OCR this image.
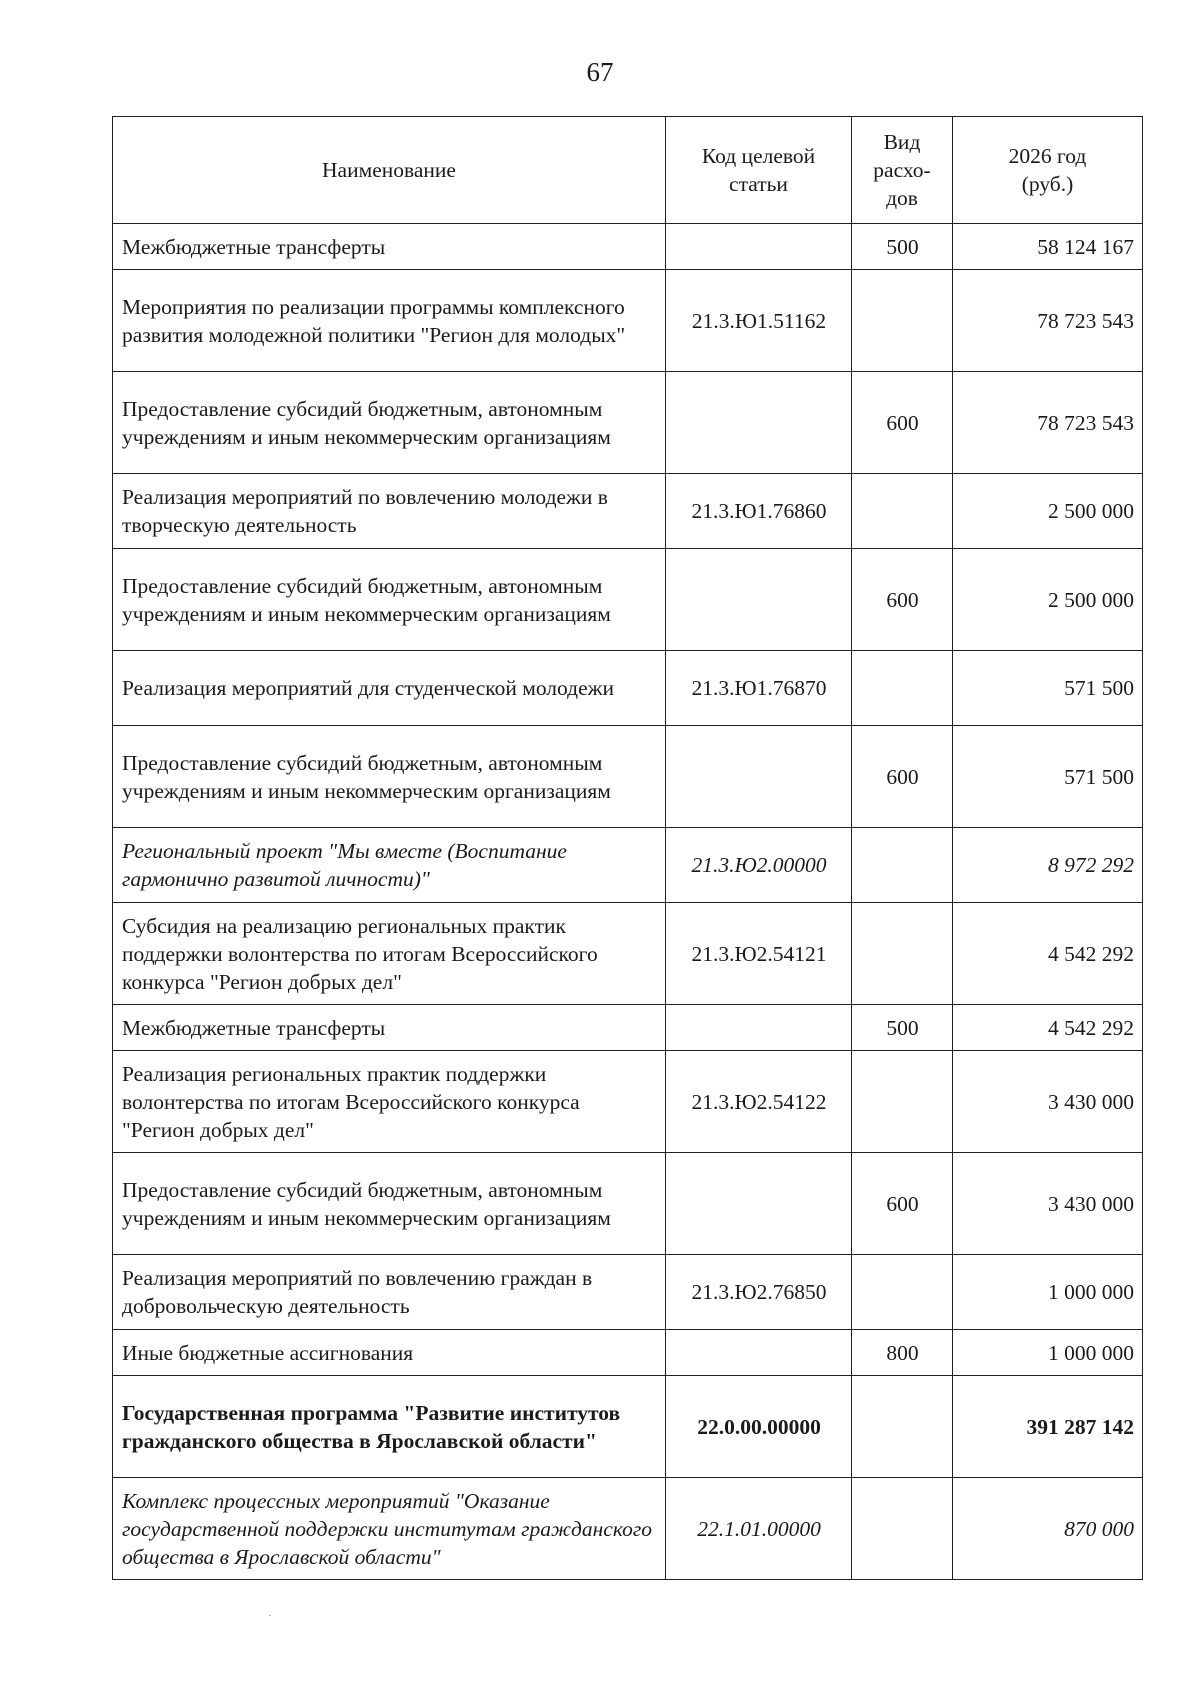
67
Наименование	Код целевой статьи	Вид расхо-дов	2026 год (руб.)
Межбюджетные трансферты		500	58 124 167
Мероприятия по реализации программы комплексного развития молодежной политики "Регион для молодых"	21.3.Ю1.51162		78 723 543
Предоставление субсидий бюджетным, автономным учреждениям и иным некоммерческим организациям		600	78 723 543
Реализация мероприятий по вовлечению молодежи в творческую деятельность	21.3.Ю1.76860		2 500 000
Предоставление субсидий бюджетным, автономным учреждениям и иным некоммерческим организациям		600	2 500 000
Реализация мероприятий для студенческой молодежи	21.3.Ю1.76870		571 500
Предоставление субсидий бюджетным, автономным учреждениям и иным некоммерческим организациям		600	571 500
Региональный проект "Мы вместе (Воспитание гармонично развитой личности)"	21.3.Ю2.00000		8 972 292
Субсидия на реализацию региональных практик поддержки волонтерства по итогам Всероссийского конкурса "Регион добрых дел"	21.3.Ю2.54121		4 542 292
Межбюджетные трансферты		500	4 542 292
Реализация региональных практик поддержки волонтерства по итогам Всероссийского конкурса "Регион добрых дел"	21.3.Ю2.54122		3 430 000
Предоставление субсидий бюджетным, автономным учреждениям и иным некоммерческим организациям		600	3 430 000
Реализация мероприятий по вовлечению граждан в добровольческую деятельность	21.3.Ю2.76850		1 000 000
Иные бюджетные ассигнования		800	1 000 000
Государственная программа "Развитие институтов гражданского общества в Ярославской области"	22.0.00.00000		391 287 142
Комплекс процессных мероприятий "Оказание государственной поддержки институтам гражданского общества в Ярославской области"	22.1.01.00000		870 000
·
